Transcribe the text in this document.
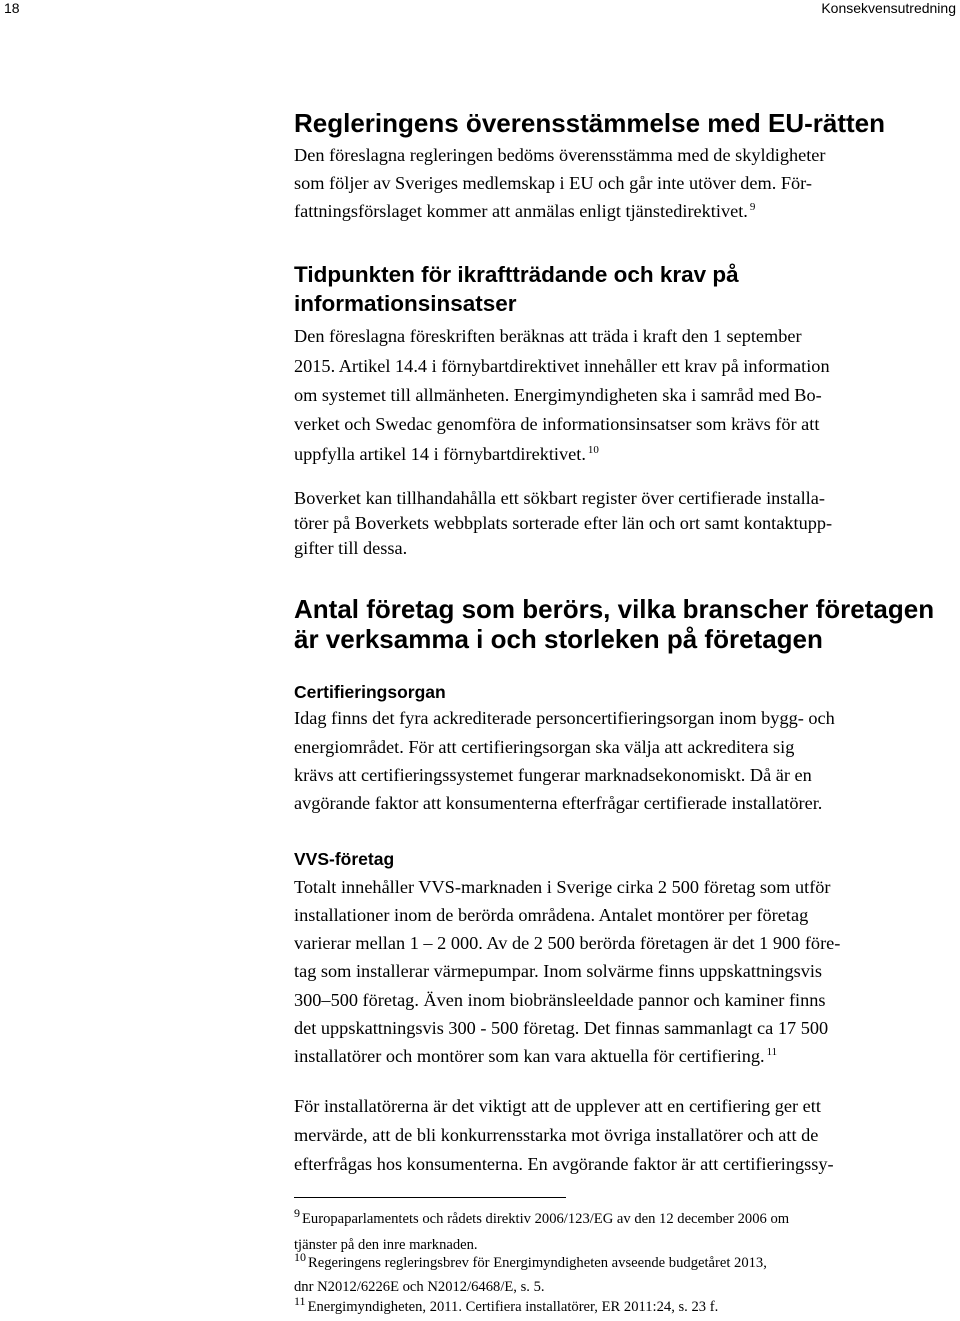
18	Konsekvensutredning
Regleringens överensstämmelse med EU-rätten

Den föreslagna regleringen bedöms överensstämma med de skyldigheter

som följer av Sveriges medlemskap i EU och går inte utöver dem. För-

fattningsförslaget kommer att anmälas enligt tjänstedirektivet. $^9$

Tidpunkten för ikraftträdande och krav på
informationsinsatser

Den föreslagna föreskriften beräknas att träda i kraft den 1 september

2015. Artikel 14.4 i förnybartdirektivet innehåller ett krav på information

om systemet till allmänheten. Energimyndigheten ska i samråd med Bo-

verket och Swedac genomföra de informationsinsatser som krävs för att

uppfylla artikel 14 i förnybartdirektivet. $^{10}$

Boverket kan tillhandahålla ett sökbart register över certifierade installa-

törer på Boverkets webbplats sorterade efter län och ort samt kontaktupp-

gifter till dessa.

Antal företag som berörs, vilka branscher företagen
är verksamma i och storleken på företagen
Certifieringsorgan

Idag finns det fyra ackrediterade personcertifieringsorgan inom bygg- och

energiområdet. För att certifieringsorgan ska välja att ackreditera sig

krävs att certifieringssystemet fungerar marknadsekonomiskt. Då är en

avgörande faktor att konsumenterna efterfrågar certifierade installatörer.

VVS-företag

Totalt innehåller VVS-marknaden i Sverige cirka 2 500 företag som utför

installationer inom de berörda områdena. Antalet montörer per företag

varierar mellan 1 – 2 000. Av de 2 500 berörda företagen är det 1 900 före-

tag som installerar värmepumpar. Inom solvärme finns uppskattningsvis

300–500 företag. Även inom biobränsleeldade pannor och kaminer finns

det uppskattningsvis 300 - 500 företag. Det finnas sammanlagt ca 17 500

installatörer och montörer som kan vara aktuella för certifiering. $^{11}$

För installatörerna är det viktigt att de upplever att en certifiering ger ett

mervärde, att de bli konkurrensstarka mot övriga installatörer och att de

efterfrågas hos konsumenterna. En avgörande faktor är att certifieringssy-

$^9$ Europaparlamentets och rådets direktiv 2006/123/EG av den 12 december 2006 om

tjänster på den inre marknaden.

$^{10}$ Regeringens regleringsbrev för Energimyndigheten avseende budgetåret 2013,

dnr N2012/6226E och N2012/6468/E, s. 5.

$^{11}$ Energimyndigheten, 2011. Certifiera installatörer, ER 2011:24, s. 23 f.
